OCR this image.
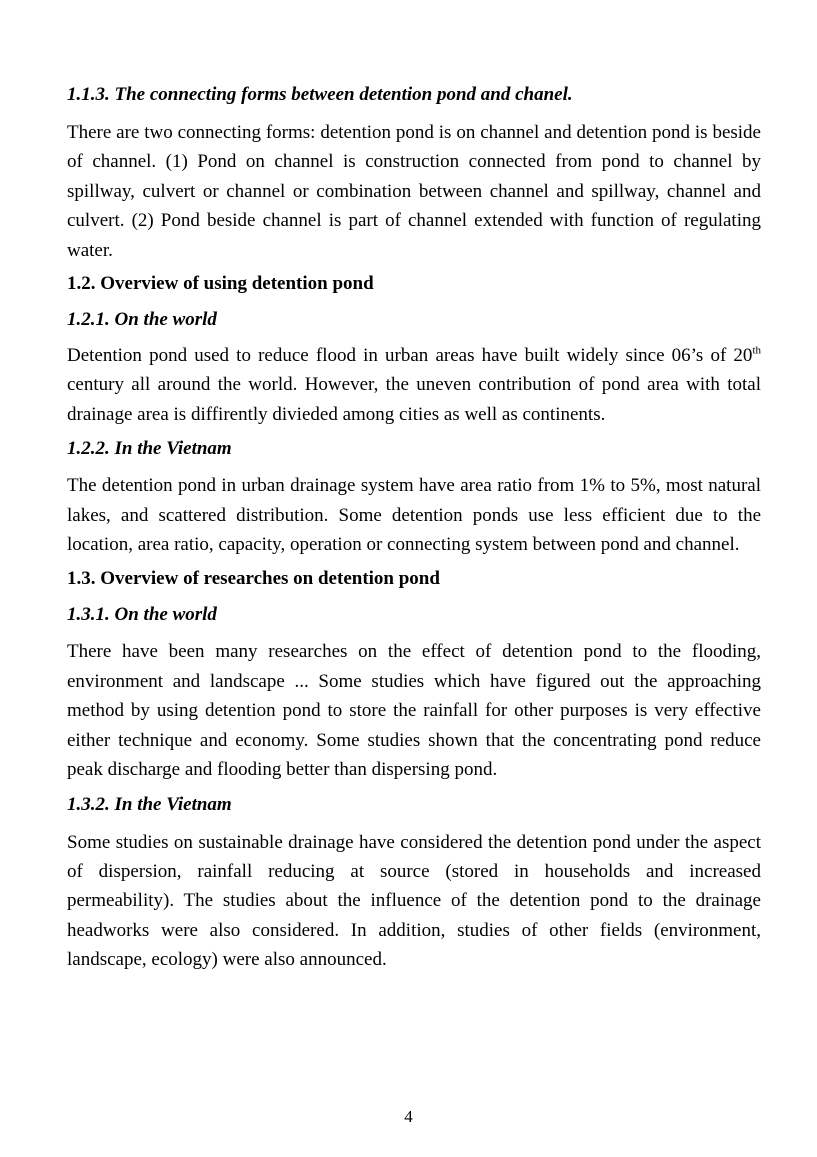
1.1.3. The connecting forms between detention pond and chanel.

There are two connecting forms: detention pond is on channel and detention pond is beside of channel. (1) Pond on channel is construction connected from pond to channel by spillway, culvert or channel or combination between channel and spillway, channel and culvert. (2) Pond beside channel is part of channel extended with function of regulating water.

1.2. Overview of using detention pond

1.2.1. On the world

Detention pond used to reduce flood in urban areas have built widely since 06’s of 20th century all around the world. However, the uneven contribution of pond area with total drainage area is diffirently divieded among cities as well as continents.

1.2.2. In the Vietnam

The detention pond in urban drainage system have area ratio from 1% to 5%, most natural lakes, and scattered distribution. Some detention ponds use less efficient due to the location, area ratio, capacity, operation or connecting system between pond and channel.

1.3. Overview of researches on detention pond

1.3.1. On the world

There have been many researches on the effect of detention pond to the flooding, environment and landscape ... Some studies which have figured out the approaching method by using detention pond to store the rainfall for other purposes is very effective either technique and economy. Some studies shown that the concentrating pond reduce peak discharge and flooding better than dispersing pond.

1.3.2. In the Vietnam

Some studies on sustainable drainage have considered the detention pond under the aspect of dispersion, rainfall reducing at source (stored in households and increased permeability). The studies about the influence of the detention pond to the drainage headworks were also considered. In addition, studies of other fields (environment, landscape, ecology) were also announced.

4
